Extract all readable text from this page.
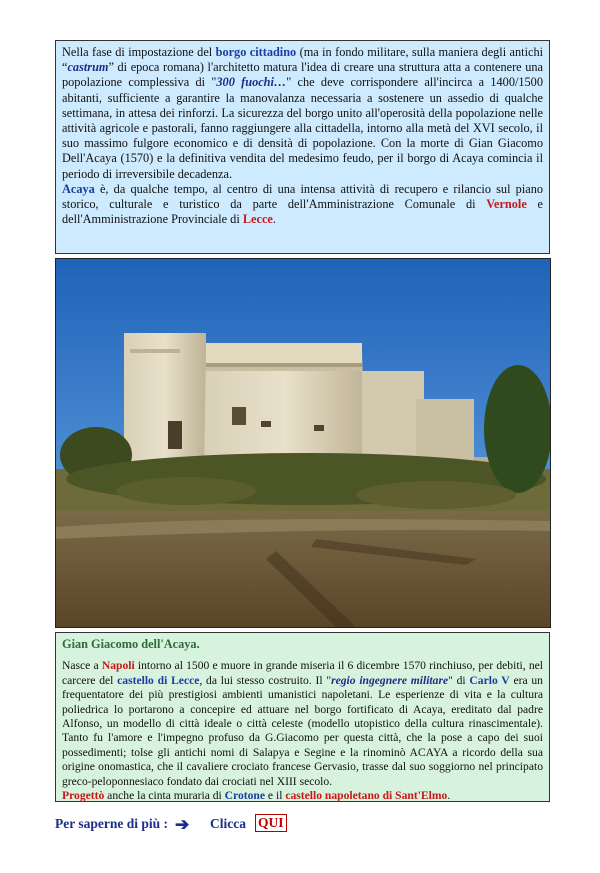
Nella fase di impostazione del borgo cittadino (ma in fondo militare, sulla maniera degli antichi “castrum” di epoca romana) l'architetto matura l'idea di creare una struttura atta a contenere una popolazione complessiva di "300 fuochi…" che deve corrispondere all'incirca a 1400/1500 abitanti, sufficiente a garantire la manovalanza necessaria a sostenere un assedio di qualche settimana, in attesa dei rinforzi. La sicurezza del borgo unito all'operosità della popolazione nelle attività agricole e pastorali, fanno raggiungere alla cittadella, intorno alla metà del XVI secolo, il suo massimo fulgore economico e di densità di popolazione. Con la morte di Gian Giacomo Dell'Acaya (1570) e la definitiva vendita del medesimo feudo, per il borgo di Acaya comincia il periodo di irreversibile decadenza.
Acaya è, da qualche tempo, al centro di una intensa attività di recupero e rilancio sul piano storico, culturale e turistico da parte dell'Amministrazione Comunale di Vernole e dell'Amministrazione Provinciale di Lecce.
Gian Giacomo dell'Acaya.
Nasce a Napoli intorno al 1500 e muore in grande miseria il 6 dicembre 1570 rinchiuso, per debiti, nel carcere del castello di Lecce, da lui stesso costruito. Il "regio ingegnere militare" di Carlo V era un frequentatore dei più prestigiosi ambienti umanistici napoletani. Le esperienze di vita e la cultura poliedrica lo portarono a concepire ed attuare nel borgo fortificato di Acaya, ereditato dal padre Alfonso, un modello di città ideale o città celeste (modello utopistico della cultura rinascimentale). Tanto fu l'amore e l'impegno profuso da G.Giacomo per questa città, che la pose a capo dei suoi possedimenti; tolse gli antichi nomi di Salapya e Segine e la rinominò ACAYA a ricordo della sua origine onomastica, che il cavaliere crociato francese Gervasio, trasse dal suo soggiorno nel principato greco-peloponnesiaco fondato dai crociati nel XIII secolo.
Progettò anche la cinta muraria di Crotone e il castello napoletano di Sant'Elmo.
Per saperne di più : ➔ Clicca QUI
